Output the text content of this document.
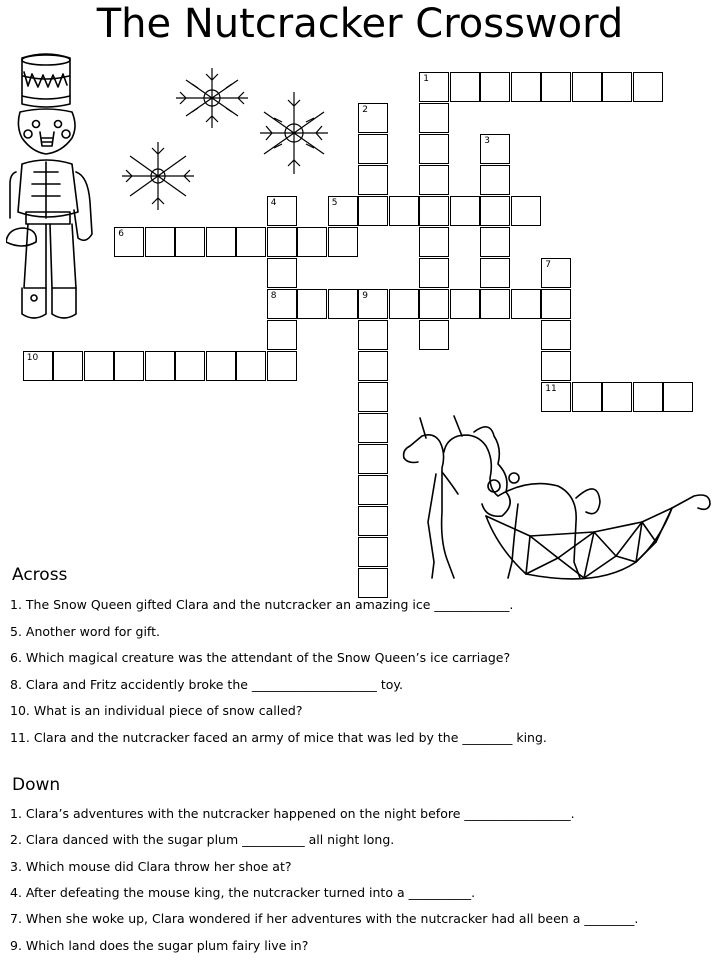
The Nutcracker Crossword
1
2
3
4
8
5
6
7
11
9
10
Across
1. The Snow Queen gifted Clara and the nutcracker an amazing ice ____________.
5. Another word for gift.
6. Which magical creature was the attendant of the Snow Queen’s ice carriage?
8. Clara and Fritz accidently broke the ____________________ toy.
10. What is an individual piece of snow called?
11. Clara and the nutcracker faced an army of mice that was led by the ________ king.
Down
1. Clara’s adventures with the nutcracker happened on the night before _________________.
2. Clara danced with the sugar plum __________ all night long.
3. Which mouse did Clara throw her shoe at?
4. After defeating the mouse king, the nutcracker turned into a __________.
7. When she woke up, Clara wondered if her adventures with the nutcracker had all been a ________.
9. Which land does the sugar plum fairy live in?
